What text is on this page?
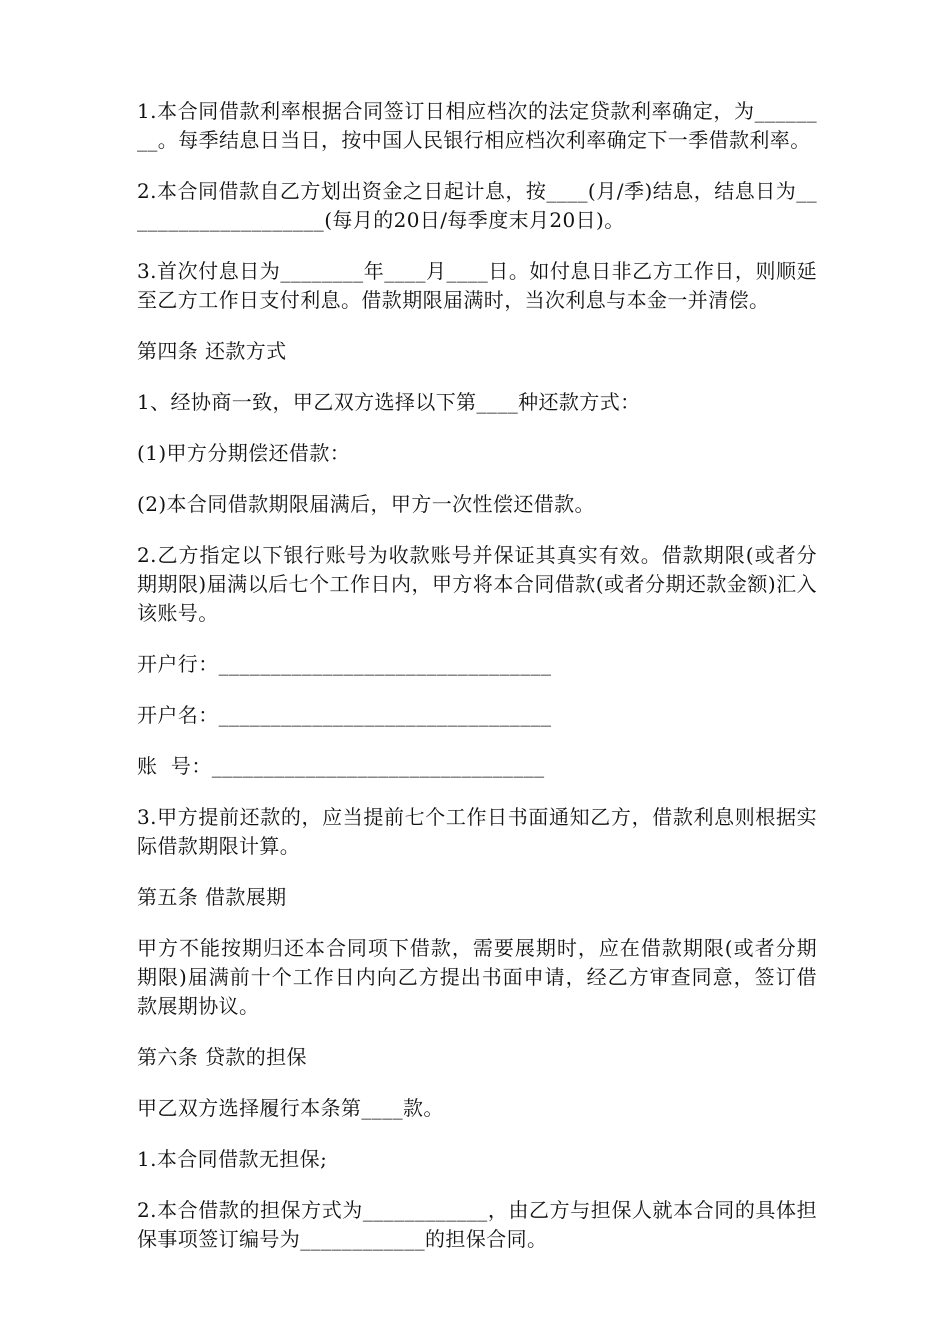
1.本合同借款利率根据合同签订日相应档次的法定贷款利率确定，为________。每季结息日当日，按中国人民银行相应档次利率确定下一季借款利率。

2.本合同借款自乙方划出资金之日起计息，按____(月/季)结息，结息日为____________________(每月的20日/每季度末月20日)。

3.首次付息日为________年____月____日。如付息日非乙方工作日，则顺延至乙方工作日支付利息。借款期限届满时，当次利息与本金一并清偿。

第四条 还款方式

1、经协商一致，甲乙双方选择以下第____种还款方式：

(1)甲方分期偿还借款：

(2)本合同借款期限届满后，甲方一次性偿还借款。

2.乙方指定以下银行账号为收款账号并保证其真实有效。借款期限(或者分期期限)届满以后七个工作日内，甲方将本合同借款(或者分期还款金额)汇入该账号。

开户行：________________________________

开户名：________________________________

账  号：________________________________

3.甲方提前还款的，应当提前七个工作日书面通知乙方，借款利息则根据实际借款期限计算。

第五条 借款展期

甲方不能按期归还本合同项下借款，需要展期时，应在借款期限(或者分期期限)届满前十个工作日内向乙方提出书面申请，经乙方审查同意，签订借款展期协议。

第六条 贷款的担保

甲乙双方选择履行本条第____款。

1.本合同借款无担保;

2.本合借款的担保方式为____________，由乙方与担保人就本合同的具体担保事项签订编号为____________的担保合同。
